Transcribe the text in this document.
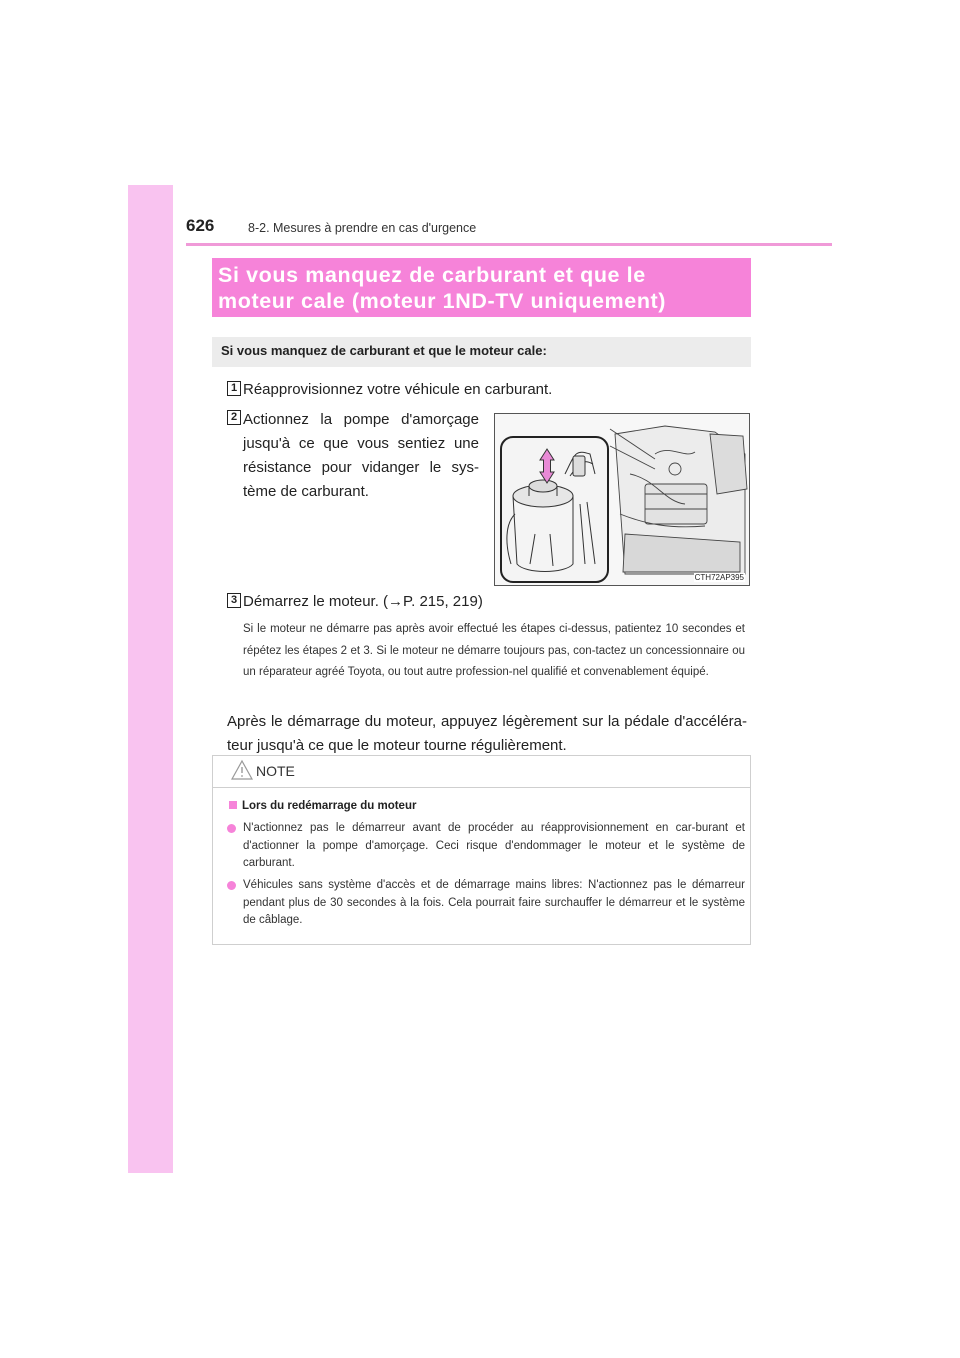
626	8-2. Mesures à prendre en cas d'urgence
Si vous manquez de carburant et que le
moteur cale (moteur 1ND-TV uniquement)
Si vous manquez de carburant et que le moteur cale:
1 Réapprovisionnez votre véhicule en carburant.

2 Actionnez la pompe d'amorçage jusqu'à ce que vous sentiez une résistance pour vidanger le sys-tème de carburant.

CTH72AP395
3 Démarrez le moteur. (→P. 215, 219)

Si le moteur ne démarre pas après avoir effectué les étapes ci-dessus, patientez 10 secondes et répétez les étapes 2 et 3. Si le moteur ne démarre toujours pas, con-tactez un concessionnaire ou un réparateur agréé Toyota, ou tout autre profession-nel qualifié et convenablement équipé.

Après le démarrage du moteur, appuyez légèrement sur la pédale d'accéléra-teur jusqu'à ce que le moteur tourne régulièrement.

NOTE
Lors du redémarrage du moteur
N'actionnez pas le démarreur avant de procéder au réapprovisionnement en car-burant et d'actionner la pompe d'amorçage. Ceci risque d'endommager le moteur et le système de carburant.
Véhicules sans système d'accès et de démarrage mains libres: N'actionnez pas le démarreur pendant plus de 30 secondes à la fois. Cela pourrait faire surchauffer le démarreur et le système de câblage.
